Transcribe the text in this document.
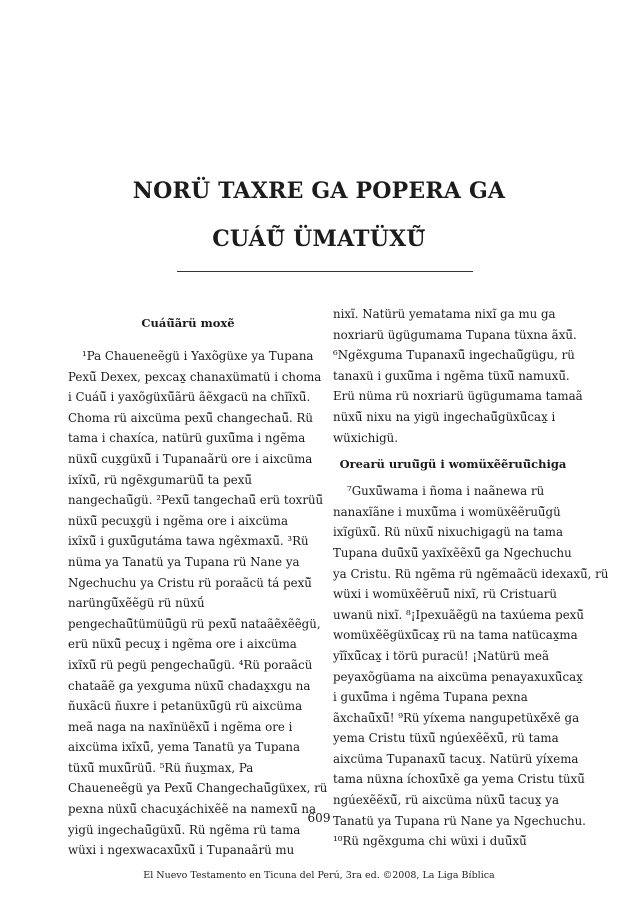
NORÜ TAXRE GA POPERA GA
CUÁŨ̃ ÜMATÜXŨ̃
Cuáũ̃ãrü moxẽ
¹Pa Chaueneẽgü i Yaxõgüxe ya Tupana
Pexũ̃ Dexex, pexcax̱ chanaxümatü i choma
i Cuáũ̃ i yaxõgüxũ̃ãrü ãẽxgacü na chĩĩxũ̃.
Choma rü aixcüma pexũ̃ changechaũ̃. Rü
tama i chaxíca, natürü guxũ̃ma i ngẽma
nüxũ̃ cux̱güxũ̃ i Tupanaãrü ore i aixcüma
ixĩxũ̃, rü ngẽxgumarüũ̃ ta pexũ̃
nangechaũ̃gü. ²Pexũ̃ tangechaũ̃ erü toxrüũ̃
nüxũ̃ pecux̱gü i ngẽma ore i aixcüma
ixĩxũ̃ i guxũ̃gutáma tawa ngẽxmaxũ̃. ³Rü
nüma ya Tanatü ya Tupana rü Nane ya
Ngechuchu ya Cristu rü poraãcü tá pexũ̃
narüngũ̃xẽẽgü rü nüxṹ
pengechaũ̃tümüũ̃gü rü pexũ̃ nataãẽxẽẽgü,
erü nüxũ̃ pecux̱ i ngẽma ore i aixcüma
ixĩxũ̃ rü pegü pengechaũ̃gü. ⁴Rü poraãcü
chataãẽ ga yexguma nüxũ̃ chadax̱xgu na
ñuxãcü ñuxre i petanüxũ̃gü rü aixcüma
meã naga na naxĩnüẽxũ̃ i ngẽma ore i
aixcüma ixĩxũ̃, yema Tanatü ya Tupana
tüxũ̃ muxũ̃rüũ̃. ⁵Rü ñux̱max, Pa
Chaueneẽgü ya Pexũ̃ Changechaũ̃güxex, rü
pexna nüxũ̃ chacux̱áchixẽẽ na namexũ̃ na
yigü ingechaũ̃güxũ̃. Rü ngẽma rü tama
wüxi i ngexwacaxũ̃xũ̃ i Tupanaãrü mu
nixĩ. Natürü yematama nixĩ ga mu ga
noxriarü ügügumama Tupana tüxna ãxũ̃.
⁶Ngẽxguma Tupanaxũ̃ ingechaũ̃gügu, rü
tanaxü i guxũ̃ma i ngẽma tüxũ̃ namuxũ̃.
Erü nüma rü noxriarü ügügumama tamaã
nüxũ̃ nixu na yigü ingechaũ̃güxũ̃cax̱ i
wüxichigü.
Orearü uruũ̃gü i womüxẽẽruũ̃chiga
⁷Guxũ̃wama i ñoma i naãnewa rü
nanaxĩãne i muxũ̃ma i womüxẽẽruũ̃gü
ixĩgüxũ̃. Rü nüxũ̃ nixuchigagü na tama
Tupana duũ̃xũ̃ yaxĩxẽẽxũ̃ ga Ngechuchu
ya Cristu. Rü ngẽma rü ngẽmaãcü idexaxũ̃, rü
wüxi i womüxẽẽruũ̃ nixĩ, rü Cristuarü
uwanü nixĩ. ⁸¡Ipexuãẽgü na taxúema pexũ̃
womüxẽẽgüxũ̃cax̱ rü na tama natücax̱ma
yĩĩxũ̃cax̱ i törü puracü! ¡Natürü meã
peyaxõgüama na aixcüma penayaxuxũ̃cax̱
i guxũ̃ma i ngẽma Tupana pexna
ãxchaũ̃xũ̃! ⁹Rü yíxema nangupetüxẽ́xẽ ga
yema Cristu tüxũ̃ ngúexẽẽxũ̃, rü tama
aixcüma Tupanaxũ̃ tacux̱. Natürü yíxema
tama nüxna íchoxũ̃xẽ ga yema Cristu tüxũ̃
ngúexẽẽxũ̃, rü aixcüma nüxũ̃ tacux̱ ya
Tanatü ya Tupana rü Nane ya Ngechuchu.
¹⁰Rü ngẽxguma chi wüxi i duũ̃xũ̃
609
El Nuevo Testamento en Ticuna del Perú, 3ra ed. ©2008, La Liga Bíblica
